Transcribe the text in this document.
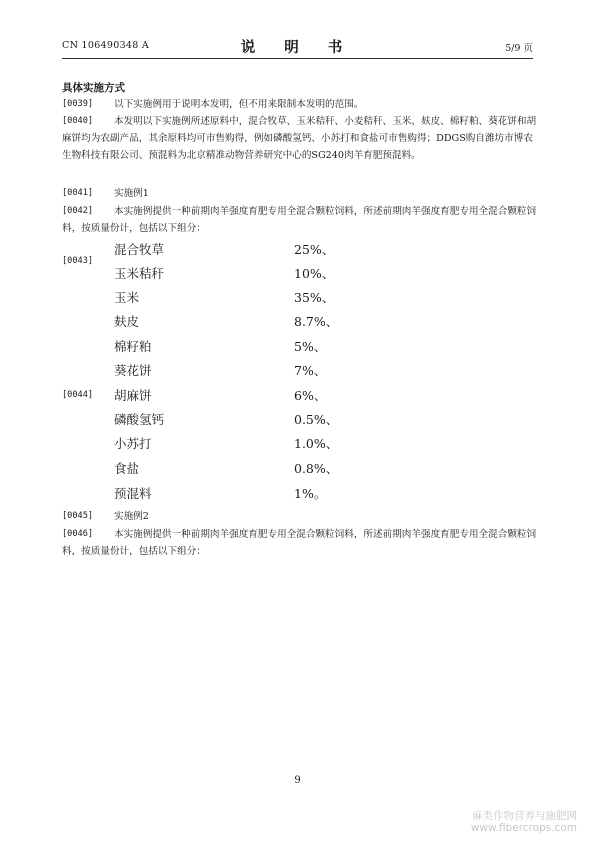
CN 106490348 A	说 明 书	5/9 页
具体实施方式
[0039] 以下实施例用于说明本发明，但不用来限制本发明的范围。
[0040]	本发明以下实施例所述原料中，混合牧草、玉米秸秆、小麦秸秆、玉米、麸皮、棉籽粕、葵花饼和胡麻饼均为农副产品，其余原料均可市售购得，例如磷酸氢钙、小苏打和食盐可市售购得；DDGS购自潍坊市博农生物科技有限公司、预混料为北京精准动物营养研究中心的SG240肉羊育肥预混料。
[0041] 实施例1
[0042]	本实施例提供一种前期肉羊强度育肥专用全混合颗粒饲料，所述前期肉羊强度育肥专用全混合颗粒饲料，按质量份计，包括以下组分：
[0043]
[0044]
混合牧草	25%、
玉米秸秆	10%、
玉米	35%、
麸皮	8.7%、
棉籽粕	5%、
葵花饼	7%、
胡麻饼	6%、
磷酸氢钙	0.5%、
小苏打	1.0%、
食盐	0.8%、
预混料	1%。
[0045] 实施例2
[0046]	本实施例提供一种前期肉羊强度育肥专用全混合颗粒饲料，所述前期肉羊强度育肥专用全混合颗粒饲料，按质量份计，包括以下组分：
9
麻类作物营养与施肥网
www.fibercrops.com
